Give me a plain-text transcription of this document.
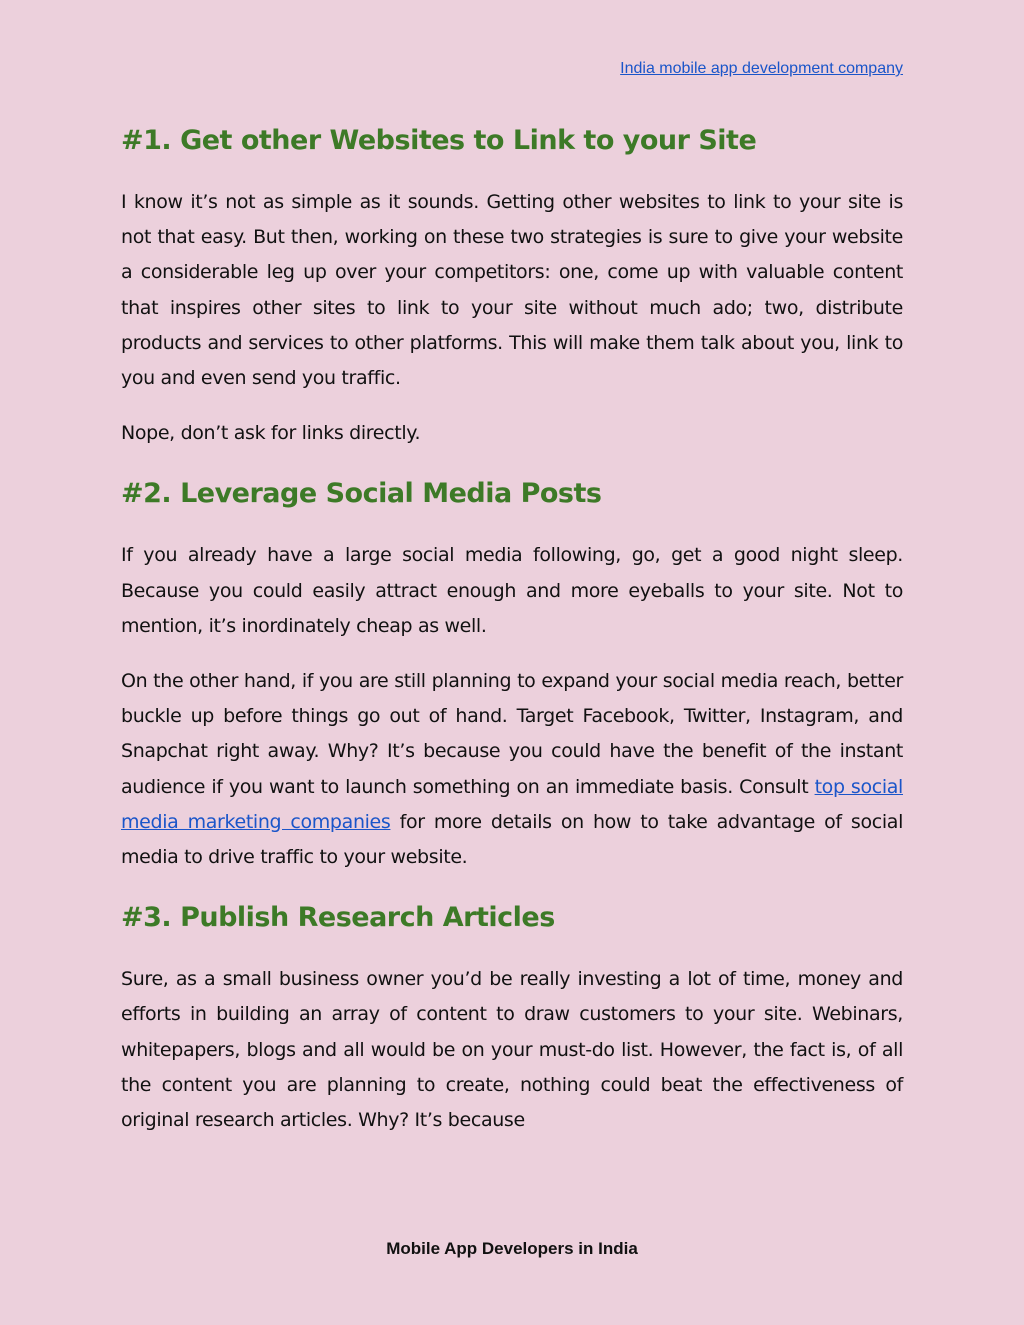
India mobile app development company
#1. Get other Websites to Link to your Site

I know it’s not as simple as it sounds. Getting other websites to link to your site is not that easy. But then, working on these two strategies is sure to give your website a considerable leg up over your competitors: one, come up with valuable content that inspires other sites to link to your site without much ado; two, distribute products and services to other platforms. This will make them talk about you, link to you and even send you traffic.

Nope, don’t ask for links directly.

#2. Leverage Social Media Posts

If you already have a large social media following, go, get a good night sleep. Because you could easily attract enough and more eyeballs to your site. Not to mention, it’s inordinately cheap as well.

On the other hand, if you are still planning to expand your social media reach, better buckle up before things go out of hand. Target Facebook, Twitter, Instagram, and Snapchat right away. Why? It’s because you could have the benefit of the instant audience if you want to launch something on an immediate basis. Consult top social media marketing companies for more details on how to take advantage of social media to drive traffic to your website.

#3. Publish Research Articles

Sure, as a small business owner you’d be really investing a lot of time, money and efforts in building an array of content to draw customers to your site. Webinars, whitepapers, blogs and all would be on your must-do list. However, the fact is, of all the content you are planning to create, nothing could beat the effectiveness of original research articles. Why? It’s because

Mobile App Developers in India
